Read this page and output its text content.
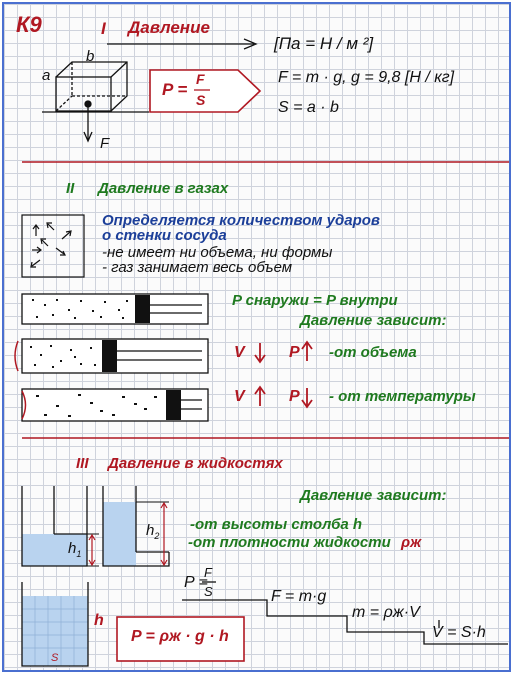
К9	I Давление
[Па = Н / м ²]
a
b
F
P =
F
S
F = m · g, g = 9,8 [Н / кг]
S = a · b
II Давление в газах
Определяется количеством ударов
о стенки сосуда
-не имеет ни объема, ни формы
- газ занимает весь объем
P снаружи = P внутри
Давление зависит:
V	P -от объема
V	P - от температуры
III Давление в жидкостях
Давление зависит:
-от высоты столба h
-от плотности жидкости ρж
$h_1$
$h_2$
h
S
P =
F
S	F = m·g
m = ρж·V
V = S·h
P = ρж · g · h
